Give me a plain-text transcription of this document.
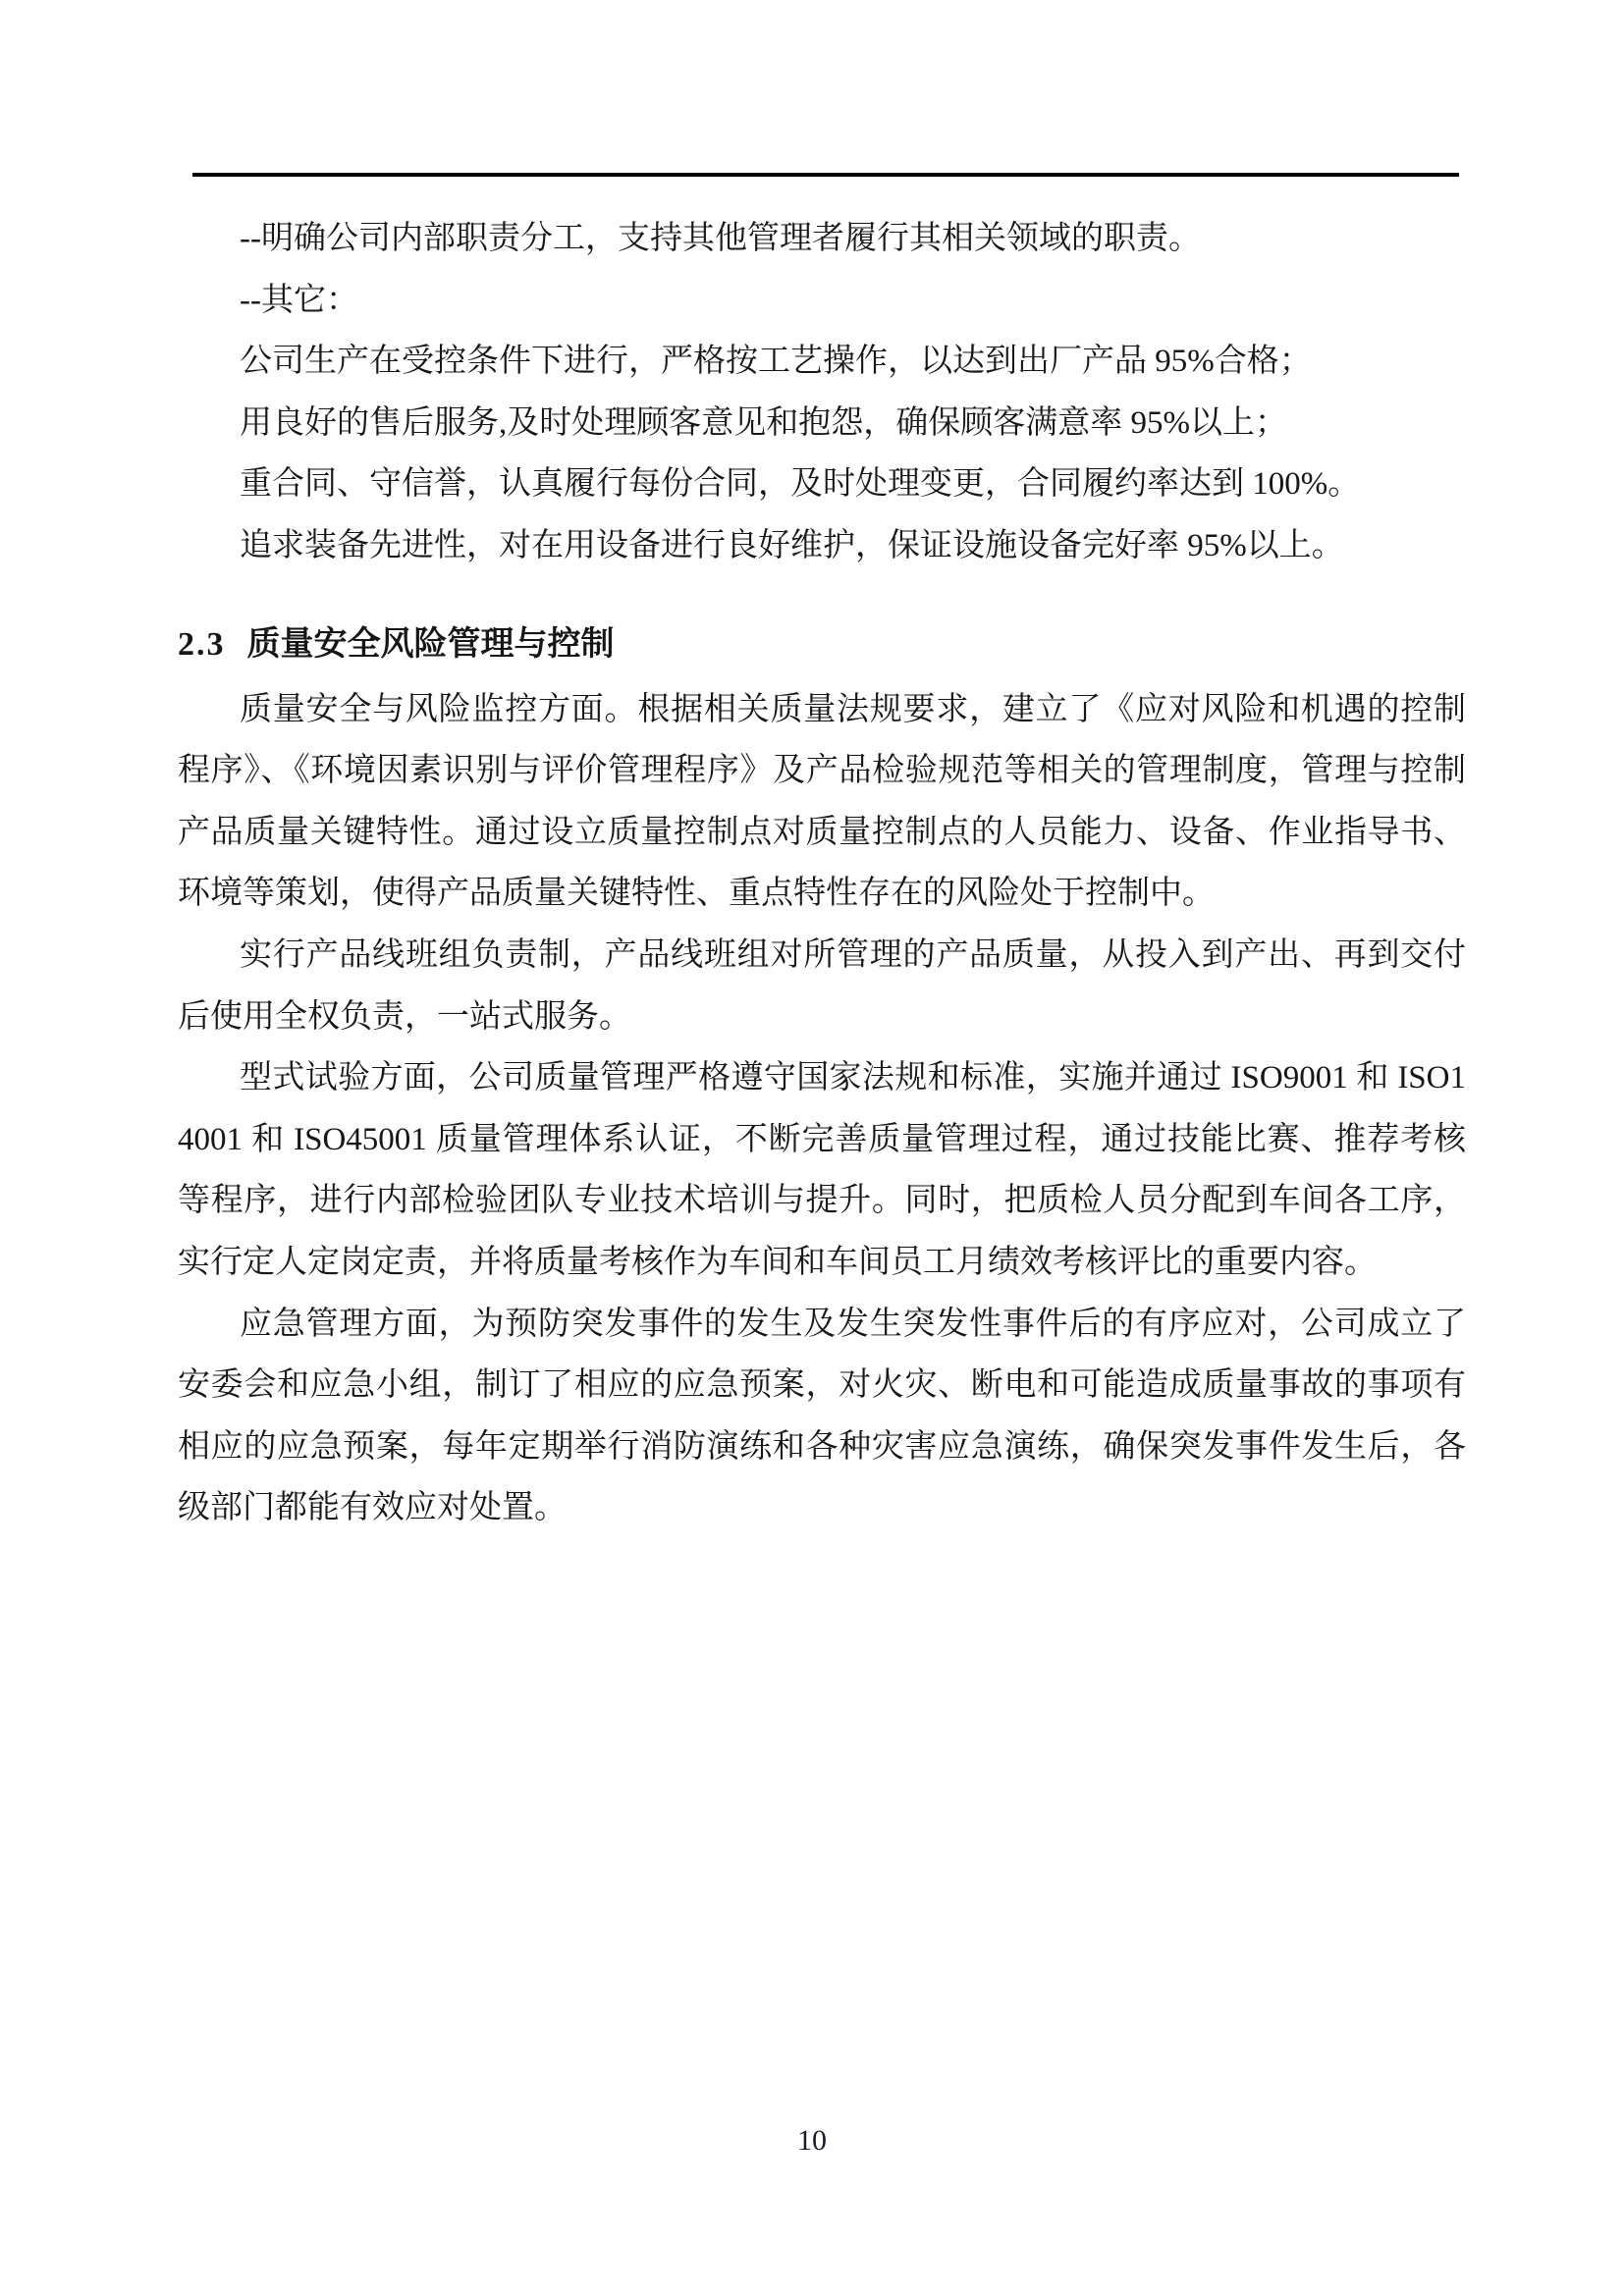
--明确公司内部职责分工，支持其他管理者履行其相关领域的职责。

--其它：

公司生产在受控条件下进行，严格按工艺操作，以达到出厂产品 95%合格；

用良好的售后服务,及时处理顾客意见和抱怨，确保顾客满意率 95%以上；

重合同、守信誉，认真履行每份合同，及时处理变更，合同履约率达到 100%。

追求装备先进性，对在用设备进行良好维护，保证设施设备完好率 95%以上。

2.3 质量安全风险管理与控制

质量安全与风险监控方面。根据相关质量法规要求，建立了《应对风险和机遇的控制程序》、《环境因素识别与评价管理程序》及产品检验规范等相关的管理制度，管理与控制产品质量关键特性。通过设立质量控制点对质量控制点的人员能力、设备、作业指导书、环境等策划，使得产品质量关键特性、重点特性存在的风险处于控制中。

实行产品线班组负责制，产品线班组对所管理的产品质量，从投入到产出、再到交付后使用全权负责，一站式服务。

型式试验方面，公司质量管理严格遵守国家法规和标准，实施并通过 ISO9001 和 ISO14001 和 ISO45001 质量管理体系认证，不断完善质量管理过程，通过技能比赛、推荐考核等程序，进行内部检验团队专业技术培训与提升。同时，把质检人员分配到车间各工序，实行定人定岗定责，并将质量考核作为车间和车间员工月绩效考核评比的重要内容。

应急管理方面，为预防突发事件的发生及发生突发性事件后的有序应对，公司成立了安委会和应急小组，制订了相应的应急预案，对火灾、断电和可能造成质量事故的事项有相应的应急预案，每年定期举行消防演练和各种灾害应急演练，确保突发事件发生后，各级部门都能有效应对处置。

10
